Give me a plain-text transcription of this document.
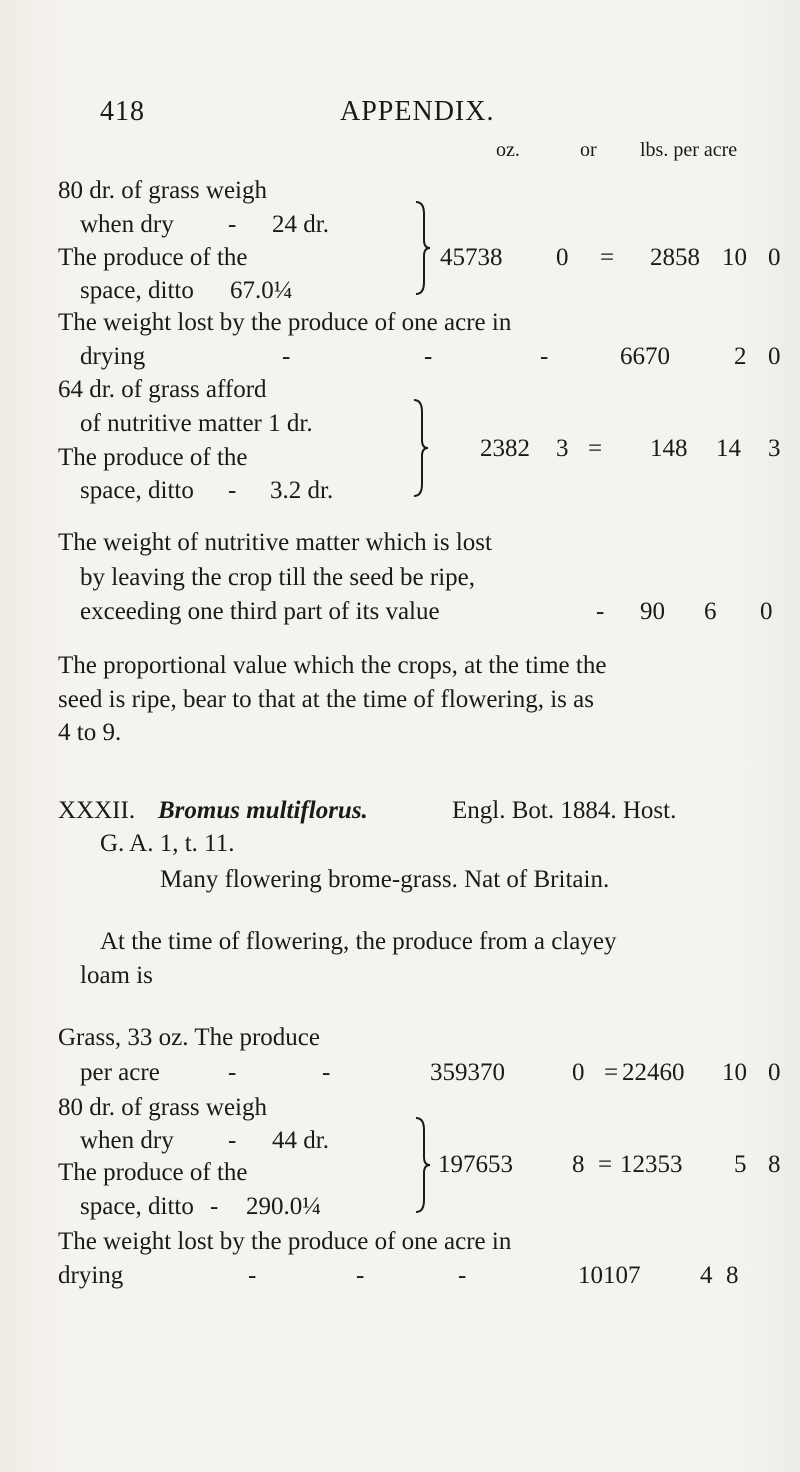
418	APPENDIX.
oz.	or lbs. per acre
80 dr. of grass weigh
when dry - 24 dr.
The produce of the
space, ditto 67.0¼
45738 0 = 2858 10 0
The weight lost by the produce of one acre in
drying	-	-	-	6670	2 0
64 dr. of grass afford
of nutritive matter 1 dr.
The produce of the
space, ditto - 3.2 dr.
2382 3 = 148 14 3
The weight of nutritive matter which is lost
by leaving the crop till the seed be ripe,
exceeding one third part of its value	- 90 6 0
The proportional value which the crops, at the time the
seed is ripe, bear to that at the time of flowering, is as
4 to 9.
XXXII. Bromus multiflorus.	Engl. Bot. 1884. Host.
G. A. 1, t. 11.
Many flowering brome-grass. Nat of Britain.
At the time of flowering, the produce from a clayey
loam is
Grass, 33 oz. The produce
per acre	-	-	359370	0 = 22460 10 0
80 dr. of grass weigh
when dry - 44 dr.
The produce of the
space, ditto - 290.0¼
197653 8 = 12353 5 8
The weight lost by the produce of one acre in
drying	-	-	-	10107 4 8
